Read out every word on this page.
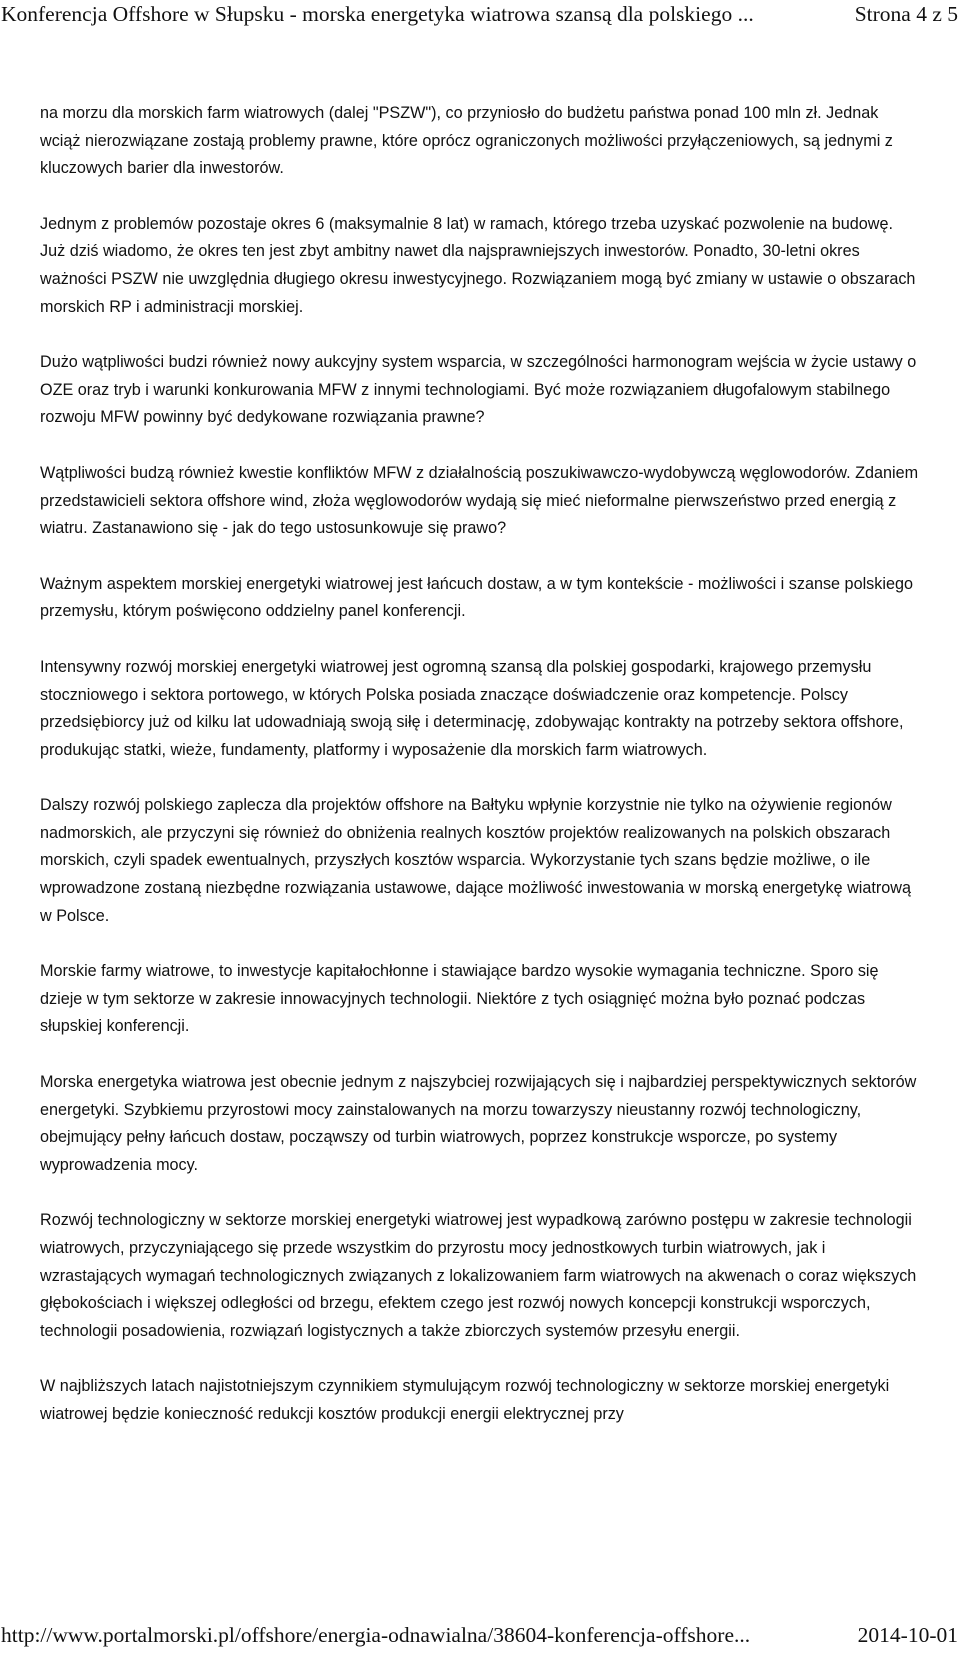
Konferencja Offshore w Słupsku - morska energetyka wiatrowa szansą dla polskiego ...	Strona 4 z 5

na morzu dla morskich farm wiatrowych (dalej "PSZW"), co przyniosło do budżetu państwa ponad 100 mln zł. Jednak wciąż nierozwiązane zostają problemy prawne, które oprócz ograniczonych możliwości przyłączeniowych, są jednymi z kluczowych barier dla inwestorów.

Jednym z problemów pozostaje okres 6 (maksymalnie 8 lat) w ramach, którego trzeba uzyskać pozwolenie na budowę. Już dziś wiadomo, że okres ten jest zbyt ambitny nawet dla najsprawniejszych inwestorów. Ponadto, 30-letni okres ważności PSZW nie uwzględnia długiego okresu inwestycyjnego. Rozwiązaniem mogą być zmiany w ustawie o obszarach morskich RP i administracji morskiej.

Dużo wątpliwości budzi również nowy aukcyjny system wsparcia, w szczególności harmonogram wejścia w życie ustawy o OZE oraz tryb i warunki konkurowania MFW z innymi technologiami. Być może rozwiązaniem długofalowym stabilnego rozwoju MFW powinny być dedykowane rozwiązania prawne?

Wątpliwości budzą również kwestie konfliktów MFW z działalnością poszukiwawczo-wydobywczą węglowodorów. Zdaniem przedstawicieli sektora offshore wind, złoża węglowodorów wydają się mieć nieformalne pierwszeństwo przed energią z wiatru. Zastanawiono się - jak do tego ustosunkowuje się prawo?

Ważnym aspektem morskiej energetyki wiatrowej jest łańcuch dostaw, a w tym kontekście - możliwości i szanse polskiego przemysłu, którym poświęcono oddzielny panel konferencji.

Intensywny rozwój morskiej energetyki wiatrowej jest ogromną szansą dla polskiej gospodarki, krajowego przemysłu stoczniowego i sektora portowego, w których Polska posiada znaczące doświadczenie oraz kompetencje. Polscy przedsiębiorcy już od kilku lat udowadniają swoją siłę i determinację, zdobywając kontrakty na potrzeby sektora offshore, produkując statki, wieże, fundamenty, platformy i wyposażenie dla morskich farm wiatrowych.

Dalszy rozwój polskiego zaplecza dla projektów offshore na Bałtyku wpłynie korzystnie nie tylko na ożywienie regionów nadmorskich, ale przyczyni się również do obniżenia realnych kosztów projektów realizowanych na polskich obszarach morskich, czyli spadek ewentualnych, przyszłych kosztów wsparcia. Wykorzystanie tych szans będzie możliwe, o ile wprowadzone zostaną niezbędne rozwiązania ustawowe, dające możliwość inwestowania w morską energetykę wiatrową w Polsce.

Morskie farmy wiatrowe, to inwestycje kapitałochłonne i stawiające bardzo wysokie wymagania techniczne. Sporo się dzieje w tym sektorze w zakresie innowacyjnych technologii. Niektóre z tych osiągnięć można było poznać podczas słupskiej konferencji.

Morska energetyka wiatrowa jest obecnie jednym z najszybciej rozwijających się i najbardziej perspektywicznych sektorów energetyki. Szybkiemu przyrostowi mocy zainstalowanych na morzu towarzyszy nieustanny rozwój technologiczny, obejmujący pełny łańcuch dostaw, począwszy od turbin wiatrowych, poprzez konstrukcje wsporcze, po systemy wyprowadzenia mocy.

Rozwój technologiczny w sektorze morskiej energetyki wiatrowej jest wypadkową zarówno postępu w zakresie technologii wiatrowych, przyczyniającego się przede wszystkim do przyrostu mocy jednostkowych turbin wiatrowych, jak i wzrastających wymagań technologicznych związanych z lokalizowaniem farm wiatrowych na akwenach o coraz większych głębokościach i większej odległości od brzegu, efektem czego jest rozwój nowych koncepcji konstrukcji wsporczych, technologii posadowienia, rozwiązań logistycznych a także zbiorczych systemów przesyłu energii.

W najbliższych latach najistotniejszym czynnikiem stymulującym rozwój technologiczny w sektorze morskiej energetyki wiatrowej będzie konieczność redukcji kosztów produkcji energii elektrycznej przy

http://www.portalmorski.pl/offshore/energia-odnawialna/38604-konferencja-offshore...	2014-10-01
